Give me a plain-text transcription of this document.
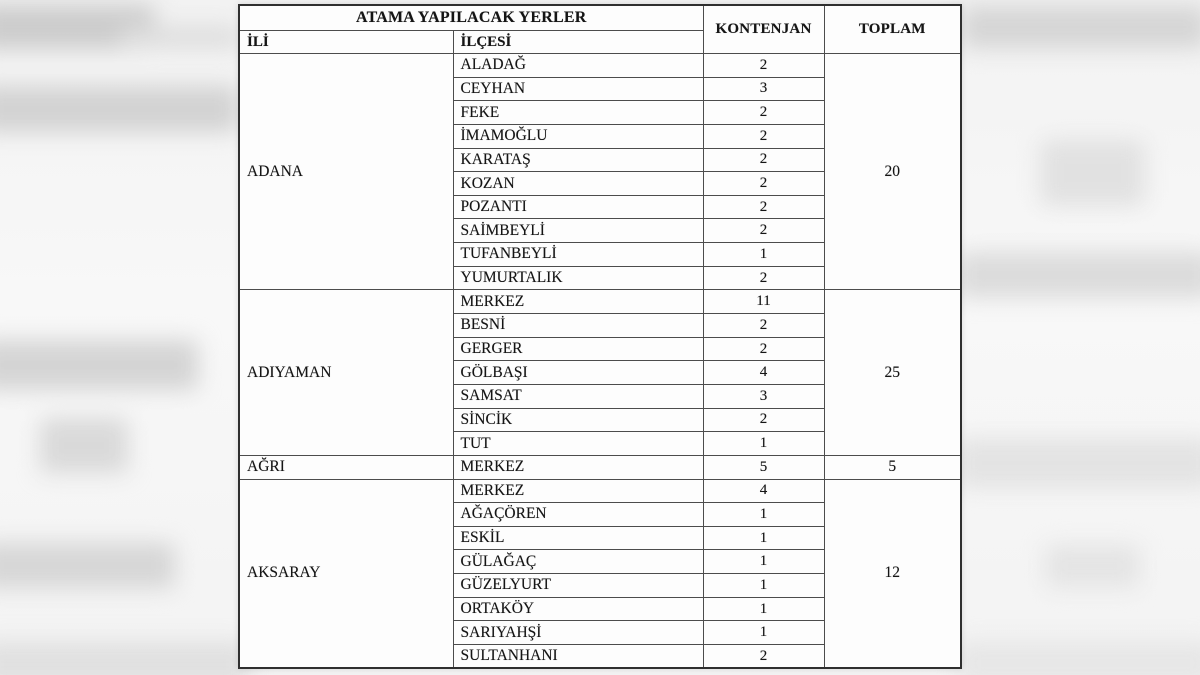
ATAMA YAPILACAK YERLER		KONTENJAN	TOPLAM
İLİ	İLÇESİ		
ADANA	ALADAĞ	2	20
	CEYHAN	3	
	FEKE	2	
	İMAMOĞLU	2	
	KARATAŞ	2	
	KOZAN	2	
	POZANTI	2	
	SAİMBEYLİ	2	
	TUFANBEYLİ	1	
	YUMURTALIK	2	
ADIYAMAN	MERKEZ	11	25
	BESNİ	2	
	GERGER	2	
	GÖLBAŞI	4	
	SAMSAT	3	
	SİNCİK	2	
	TUT	1	
AĞRI	MERKEZ	5	5
AKSARAY	MERKEZ	4	12
	AĞAÇÖREN	1	
	ESKİL	1	
	GÜLAĞAÇ	1	
	GÜZELYURT	1	
	ORTAKÖY	1	
	SARIYAHŞİ	1	
	SULTANHANI	2	
